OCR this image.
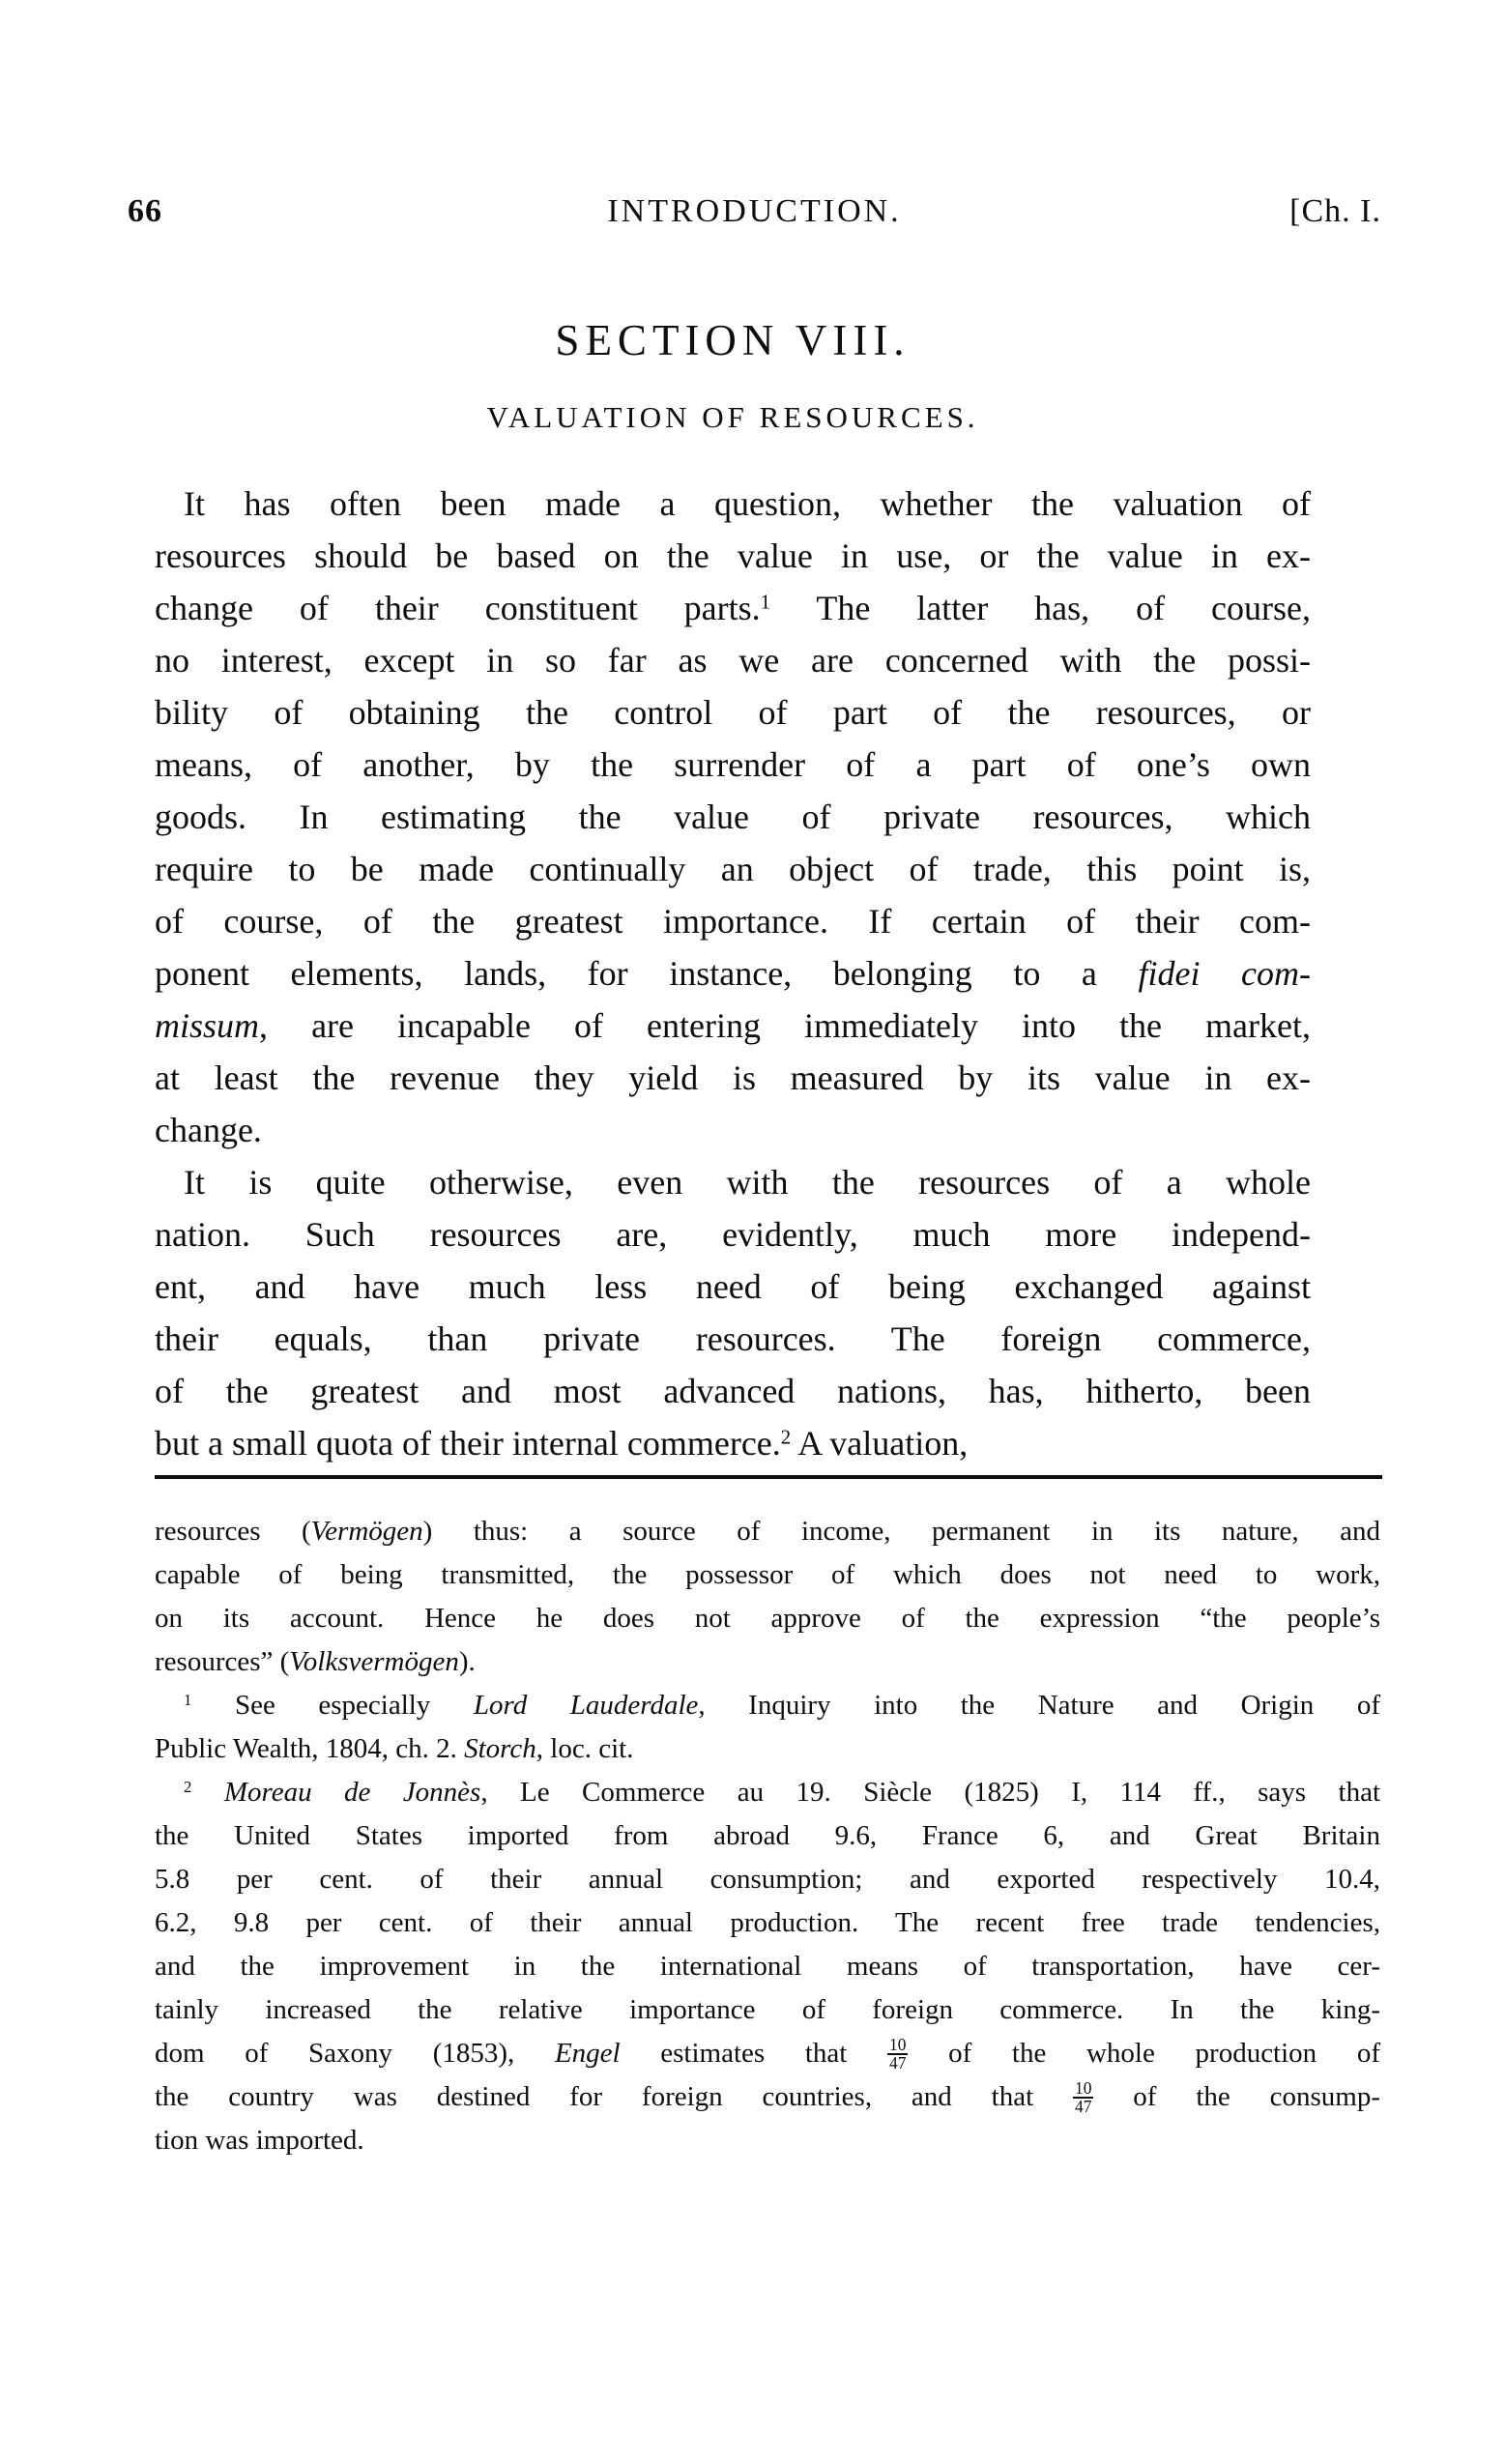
66	INTRODUCTION.	[Ch. I.
SECTION VIII.
VALUATION OF RESOURCES.
It has often been made a question, whether the valuation of
resources should be based on the value in use, or the value in ex-
change of their constituent parts.$^1$ The latter has, of course,
no interest, except in so far as we are concerned with the possi-
bility of obtaining the control of part of the resources, or
means, of another, by the surrender of a part of one’s own
goods. In estimating the value of private resources, which
require to be made continually an object of trade, this point is,
of course, of the greatest importance. If certain of their com-
ponent elements, lands, for instance, belonging to a fidei com-
missum, are incapable of entering immediately into the market,
at least the revenue they yield is measured by its value in ex-
change.
It is quite otherwise, even with the resources of a whole
nation. Such resources are, evidently, much more independ-
ent, and have much less need of being exchanged against
their equals, than private resources. The foreign commerce,
of the greatest and most advanced nations, has, hitherto, been
but a small quota of their internal commerce.$^2$ A valuation,
resources (Vermögen) thus: a source of income, permanent in its nature, and
capable of being transmitted, the possessor of which does not need to work,
on its account. Hence he does not approve of the expression “the people’s
resources” (Volksvermögen).
$^1$ See especially Lord Lauderdale, Inquiry into the Nature and Origin of
Public Wealth, 1804, ch. 2. Storch, loc. cit.
$^2$ Moreau de Jonnès, Le Commerce au 19. Siècle (1825) I, 114 ff., says that
the United States imported from abroad 9.6, France 6, and Great Britain
5.8 per cent. of their annual consumption; and exported respectively 10.4,
6.2, 9.8 per cent. of their annual production. The recent free trade tendencies,
and the improvement in the international means of transportation, have cer-
tainly increased the relative importance of foreign commerce. In the king-
dom of Saxony (1853), Engel estimates that $\frac{10}{47}$ of the whole production of
the country was destined for foreign countries, and that $\frac{10}{47}$ of the consump-
tion was imported.
